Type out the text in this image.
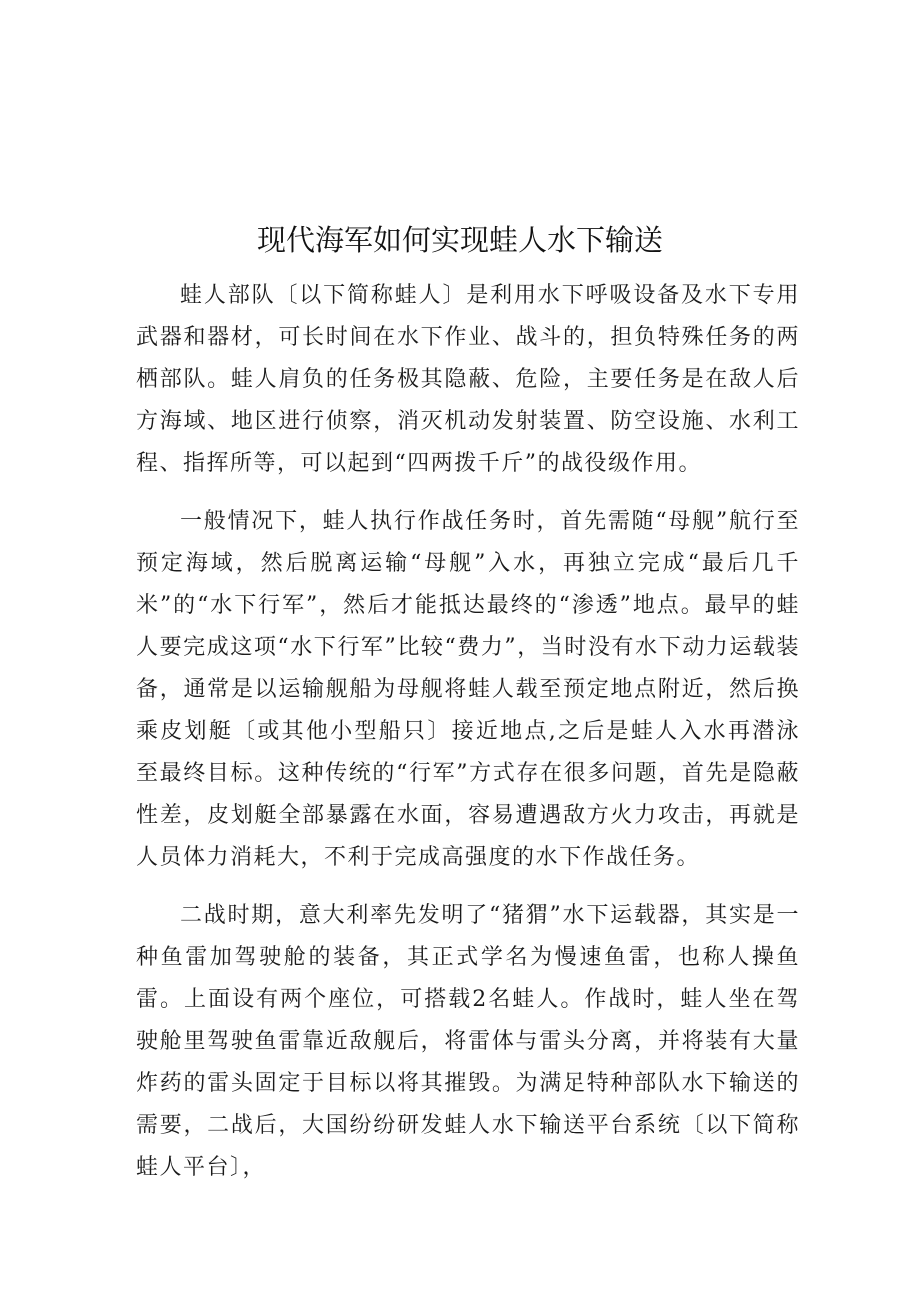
现代海军如何实现蛙人水下输送

蛙人部队〔以下简称蛙人〕是利用水下呼吸设备及水下专用武器和器材，可长时间在水下作业、战斗的，担负特殊任务的两栖部队。蛙人肩负的任务极其隐蔽、危险，主要任务是在敌人后方海域、地区进行侦察，消灭机动发射装置、防空设施、水利工程、指挥所等，可以起到“四两拨千斤”的战役级作用。

一般情况下，蛙人执行作战任务时，首先需随“母舰”航行至预定海域，然后脱离运输“母舰”入水，再独立完成“最后几千米”的“水下行军”，然后才能抵达最终的“渗透”地点。最早的蛙人要完成这项“水下行军”比较“费力”，当时没有水下动力运载装备，通常是以运输舰船为母舰将蛙人载至预定地点附近，然后换乘皮划艇〔或其他小型船只〕接近地点,之后是蛙人入水再潜泳至最终目标。这种传统的“行军”方式存在很多问题，首先是隐蔽性差，皮划艇全部暴露在水面，容易遭遇敌方火力攻击，再就是人员体力消耗大，不利于完成高强度的水下作战任务。

二战时期，意大利率先发明了“猪猬”水下运载器，其实是一种鱼雷加驾驶舱的装备，其正式学名为慢速鱼雷，也称人操鱼雷。上面设有两个座位，可搭载2名蛙人。作战时，蛙人坐在驾驶舱里驾驶鱼雷靠近敌舰后，将雷体与雷头分离，并将装有大量炸药的雷头固定于目标以将其摧毁。为满足特种部队水下输送的需要，二战后，大国纷纷研发蛙人水下输送平台系统〔以下简称蛙人平台〕，
